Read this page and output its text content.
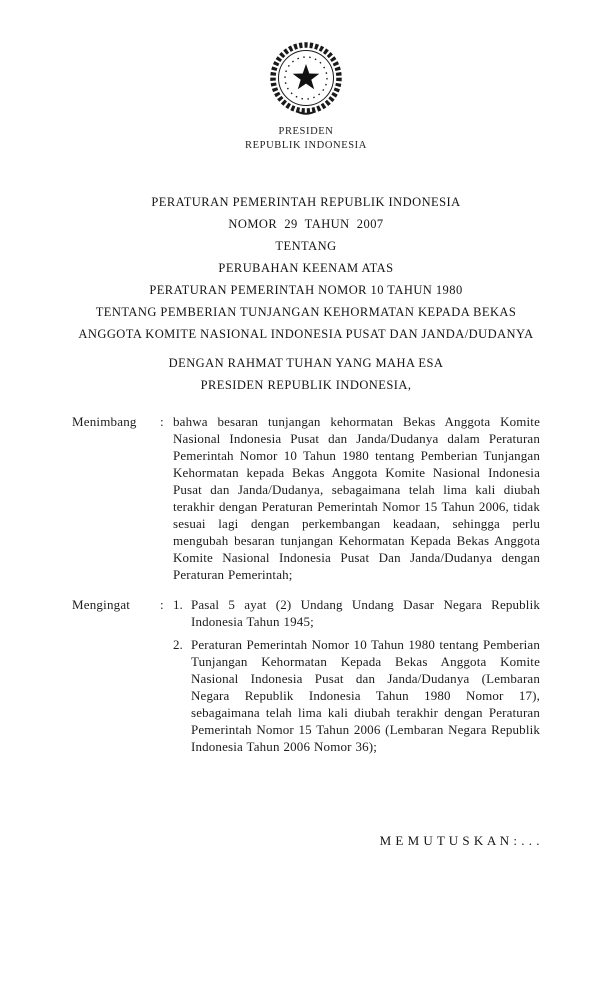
PRESIDEN
REPUBLIK INDONESIA
PERATURAN PEMERINTAH REPUBLIK INDONESIA
NOMOR  29  TAHUN  2007
TENTANG
PERUBAHAN KEENAM ATAS
PERATURAN PEMERINTAH NOMOR 10 TAHUN 1980
TENTANG PEMBERIAN TUNJANGAN KEHORMATAN KEPADA BEKAS
ANGGOTA KOMITE NASIONAL INDONESIA PUSAT DAN JANDA/DUDANYA
DENGAN RAHMAT TUHAN YANG MAHA ESA
PRESIDEN REPUBLIK INDONESIA,
Menimbang	: bahwa besaran tunjangan kehormatan Bekas Anggota Komite Nasional Indonesia Pusat dan Janda/Dudanya dalam Peraturan Pemerintah Nomor 10 Tahun 1980 tentang Pemberian Tunjangan Kehormatan kepada Bekas Anggota Komite Nasional Indonesia Pusat dan Janda/Dudanya, sebagaimana telah lima kali diubah terakhir dengan Peraturan Pemerintah Nomor 15 Tahun 2006, tidak sesuai lagi dengan perkembangan keadaan, sehingga perlu mengubah besaran tunjangan Kehormatan Kepada Bekas Anggota Komite Nasional Indonesia Pusat Dan Janda/Dudanya dengan Peraturan Pemerintah;
Mengingat	: 1. Pasal 5 ayat (2) Undang Undang Dasar Negara Republik Indonesia Tahun 1945;
2. Peraturan Pemerintah Nomor 10 Tahun 1980 tentang Pemberian Tunjangan Kehormatan Kepada Bekas Anggota Komite Nasional Indonesia Pusat dan Janda/Dudanya (Lembaran Negara Republik Indonesia Tahun 1980 Nomor 17), sebagaimana telah lima kali diubah terakhir dengan Peraturan Pemerintah Nomor 15 Tahun 2006 (Lembaran Negara Republik Indonesia Tahun 2006 Nomor 36);
M E M U T U S K A N : . . .
